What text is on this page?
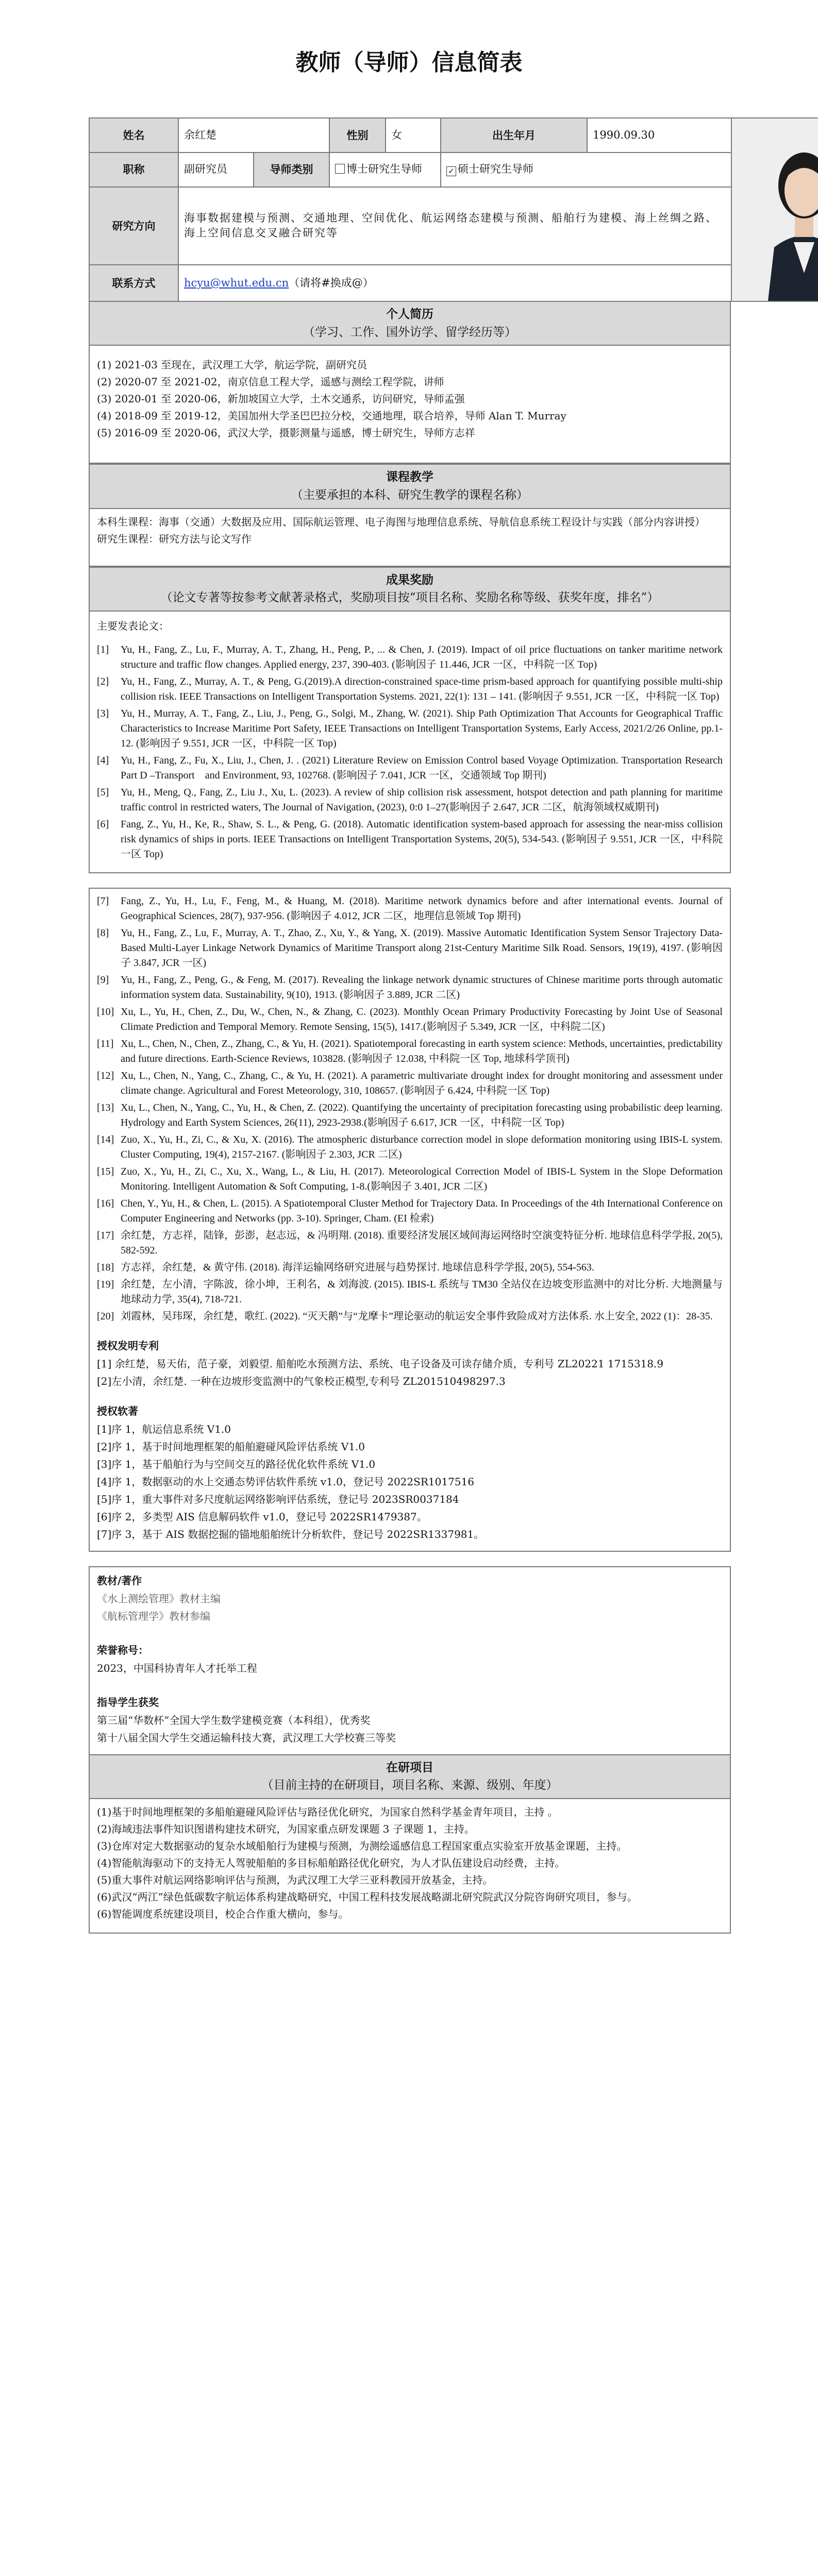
教师（导师）信息简表
姓名	余红楚		性别	女	出生年月	1990.09.30	

职称	副研究员	导师类别	博士研究生导师		✓ 硕士研究生导师		
研究方向	海事数据建模与预测、交通地理、空间优化、航运网络态建模与预测、船舶行为建模、海上丝绸之路、海上空间信息交叉融合研究等						
联系方式	hcyu@whut.edu.cn（请将#换成@）						
个人简历
（学习、工作、国外访学、留学经历等）
(1) 2021-03 至现在，武汉理工大学，航运学院，副研究员
(2) 2020-07 至 2021-02，南京信息工程大学，遥感与测绘工程学院，讲师
(3) 2020-01 至 2020-06，新加坡国立大学，土木交通系，访问研究，导师孟强
(4) 2018-09 至 2019-12，美国加州大学圣巴巴拉分校，交通地理，联合培养，导师 Alan T. Murray
(5) 2016-09 至 2020-06，武汉大学，摄影测量与遥感，博士研究生，导师方志祥
课程教学
（主要承担的本科、研究生教学的课程名称）
本科生课程：海事（交通）大数据及应用、国际航运管理、电子海图与地理信息系统、导航信息系统工程设计与实践（部分内容讲授）
研究生课程：研究方法与论文写作
成果奖励
（论文专著等按参考文献著录格式，奖励项目按“项目名称、奖励名称等级、获奖年度，排名”）
主要发表论文：
[1]	Yu, H., Fang, Z., Lu, F., Murray, A. T., Zhang, H., Peng, P., ... & Chen, J. (2019). Impact of oil price fluctuations on tanker maritime network structure and traffic flow changes. Applied energy, 237, 390-403. (影响因子 11.446, JCR 一区，中科院一区 Top)
[2]	Yu, H., Fang, Z., Murray, A. T., & Peng, G.(2019).A direction-constrained space-time prism-based approach for quantifying possible multi-ship collision risk. IEEE Transactions on Intelligent Transportation Systems. 2021, 22(1): 131 – 141. (影响因子 9.551, JCR 一区，中科院一区 Top)
[3]	Yu, H., Murray, A. T., Fang, Z., Liu, J., Peng, G., Solgi, M., Zhang, W. (2021). Ship Path Optimization That Accounts for Geographical Traffic Characteristics to Increase Maritime Port Safety, IEEE Transactions on Intelligent Transportation Systems, Early Access, 2021/2/26 Online, pp.1-12. (影响因子 9.551, JCR 一区，中科院一区 Top)
[4]	Yu, H., Fang, Z., Fu, X., Liu, J., Chen, J. . (2021) Literature Review on Emission Control based Voyage Optimization. Transportation Research Part D –Transport　and Environment, 93, 102768. (影响因子 7.041, JCR 一区，交通领域 Top 期刊)
[5]	Yu, H., Meng, Q., Fang, Z., Liu J., Xu, L. (2023). A review of ship collision risk assessment, hotspot detection and path planning for maritime traffic control in restricted waters, The Journal of Navigation, (2023), 0:0 1–27(影响因子 2.647, JCR 二区，航海领域权威期刊)
[6]	Fang, Z., Yu, H., Ke, R., Shaw, S. L., & Peng, G. (2018). Automatic identification system-based approach for assessing the near-miss collision risk dynamics of ships in ports. IEEE Transactions on Intelligent Transportation Systems, 20(5), 534-543. (影响因子 9.551, JCR 一区，中科院一区 Top)
[7]	Fang, Z., Yu, H., Lu, F., Feng, M., & Huang, M. (2018). Maritime network dynamics before and after international events. Journal of Geographical Sciences, 28(7), 937-956. (影响因子 4.012, JCR 二区，地理信息领域 Top 期刊)
[8]	Yu, H., Fang, Z., Lu, F., Murray, A. T., Zhao, Z., Xu, Y., & Yang, X. (2019). Massive Automatic Identification System Sensor Trajectory Data-Based Multi-Layer Linkage Network Dynamics of Maritime Transport along 21st-Century Maritime Silk Road. Sensors, 19(19), 4197. (影响因子 3.847, JCR 一区)
[9]	Yu, H., Fang, Z., Peng, G., & Feng, M. (2017). Revealing the linkage network dynamic structures of Chinese maritime ports through automatic information system data. Sustainability, 9(10), 1913. (影响因子 3.889, JCR 二区)
[10] Xu, L., Yu, H., Chen, Z., Du, W., Chen, N., & Zhang, C. (2023). Monthly Ocean Primary Productivity Forecasting by Joint Use of Seasonal Climate Prediction and Temporal Memory. Remote Sensing, 15(5), 1417.(影响因子 5.349, JCR 一区，中科院二区)
[11] Xu, L., Chen, N., Chen, Z., Zhang, C., & Yu, H. (2021). Spatiotemporal forecasting in earth system science: Methods, uncertainties, predictability and future directions. Earth-Science Reviews, 103828. (影响因子 12.038, 中科院一区 Top, 地球科学顶刊)
[12] Xu, L., Chen, N., Yang, C., Zhang, C., & Yu, H. (2021). A parametric multivariate drought index for drought monitoring and assessment under climate change. Agricultural and Forest Meteorology, 310, 108657. (影响因子 6.424, 中科院一区 Top)
[13] Xu, L., Chen, N., Yang, C., Yu, H., & Chen, Z. (2022). Quantifying the uncertainty of precipitation forecasting using probabilistic deep learning. Hydrology and Earth System Sciences, 26(11), 2923-2938.(影响因子 6.617, JCR 一区，中科院一区 Top)
[14] Zuo, X., Yu, H., Zi, C., & Xu, X. (2016). The atmospheric disturbance correction model in slope deformation monitoring using IBIS-L system. Cluster Computing, 19(4), 2157-2167. (影响因子 2.303, JCR 二区)
[15] Zuo, X., Yu, H., Zi, C., Xu, X., Wang, L., & Liu, H. (2017). Meteorological Correction Model of IBIS-L System in the Slope Deformation Monitoring. Intelligent Automation & Soft Computing, 1-8.(影响因子 3.401, JCR 二区)
[16] Chen, Y., Yu, H., & Chen, L. (2015). A Spatiotemporal Cluster Method for Trajectory Data. In Proceedings of the 4th International Conference on Computer Engineering and Networks (pp. 3-10). Springer, Cham. (EI 检索)
[17] 余红楚，方志祥，陆锋，彭澎，赵志远，& 冯明翔. (2018). 重要经济发展区域间海运网络时空演变特征分析. 地球信息科学学报, 20(5), 582-592.
[18] 方志祥，余红楚，& 黄守伟. (2018). 海洋运输网络研究进展与趋势探讨. 地球信息科学学报, 20(5), 554-563.
[19] 余红楚，左小清，字陈波，徐小坤，王利名，& 刘海波. (2015). IBIS-L 系统与 TM30 全站仪在边坡变形监测中的对比分析. 大地测量与地球动力学, 35(4), 718-721.
[20] 刘霞林，吴玮琛，余红楚，歌红. (2022). “灭天鹅”与“龙摩卡”理论驱动的航运安全事件致险成对方法体系. 水上安全, 2022 (1)：28-35.
授权发明专利
[1] 余红楚，易天佑，范子豪，刘毅望. 船舶吃水预测方法、系统、电子设备及可读存储介质，专利号 ZL20221 1715318.9
[2]左小清，余红楚. 一种在边坡形变监测中的气象校正模型,专利号 ZL201510498297.3
授权软著
[1]序 1，航运信息系统 V1.0
[2]序 1，基于时间地理框架的船舶避碰风险评估系统 V1.0
[3]序 1，基于船舶行为与空间交互的路径优化软件系统 V1.0
[4]序 1，数据驱动的水上交通态势评估软件系统 v1.0，登记号 2022SR1017516
[5]序 1，重大事件对多尺度航运网络影响评估系统，登记号 2023SR0037184
[6]序 2，多类型 AIS 信息解码软件 v1.0，登记号 2022SR1479387。
[7]序 3，基于 AIS 数据挖掘的锚地船舶统计分析软件，登记号 2022SR1337981。
教材/著作
《水上测绘管理》教材主编
《航标管理学》教材参编
荣誉称号：
2023，中国科协青年人才托举工程
指导学生获奖
第三届“华数杯”全国大学生数学建模竞赛（本科组），优秀奖
第十八届全国大学生交通运输科技大赛，武汉理工大学校赛三等奖
在研项目
（目前主持的在研项目，项目名称、来源、级别、年度）
(1)基于时间地理框架的多船舶避碰风险评估与路径优化研究，为国家自然科学基金青年项目，主持 。
(2)海域违法事件知识图谱构建技术研究，为国家重点研发课题 3 子课题 1，主持。
(3)仓库对定大数据驱动的复杂水域船舶行为建模与预测，为测绘遥感信息工程国家重点实验室开放基金课题，主持。
(4)智能航海驱动下的支持无人驾驶船舶的多目标船舶路径优化研究，为人才队伍建设启动经费，主持。
(5)重大事件对航运网络影响评估与预测，为武汉理工大学三亚科教园开放基金，主持。
(6)武汉“两江”绿色低碳数字航运体系构建战略研究，中国工程科技发展战略湖北研究院武汉分院咨询研究项目，参与。
(6)智能调度系统建设项目，校企合作重大横向，参与。
